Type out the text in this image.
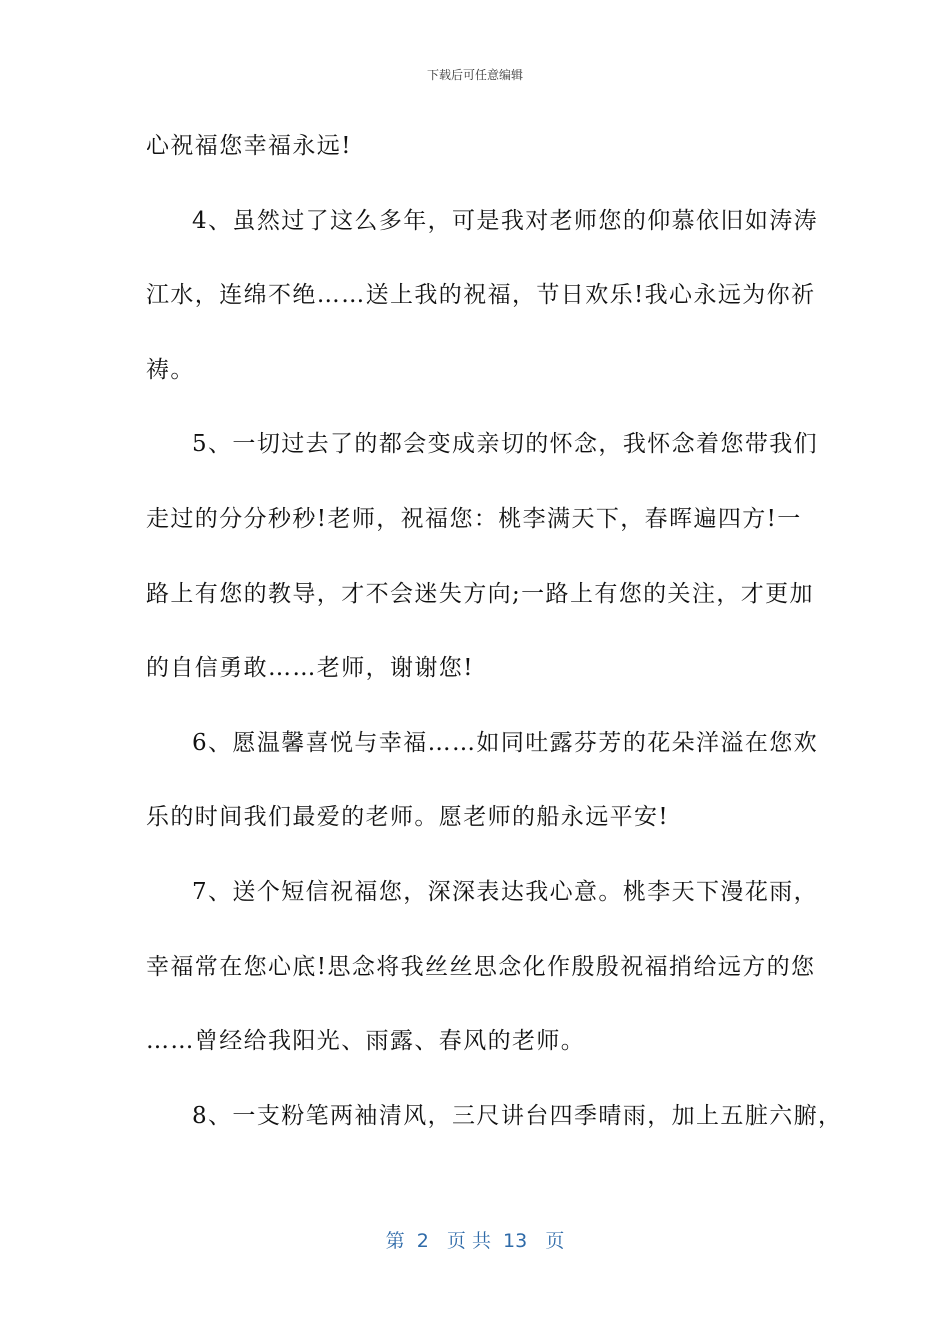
下载后可任意编辑
心祝福您幸福永远!
4、虽然过了这么多年，可是我对老师您的仰慕依旧如涛涛
江水，连绵不绝……送上我的祝福，节日欢乐!我心永远为你祈
祷。
5、一切过去了的都会变成亲切的怀念，我怀念着您带我们
走过的分分秒秒!老师，祝福您：桃李满天下，春晖遍四方!一
路上有您的教导，才不会迷失方向;一路上有您的关注，才更加
的自信勇敢……老师，谢谢您!
6、愿温馨喜悦与幸福……如同吐露芬芳的花朵洋溢在您欢
乐的时间我们最爱的老师。愿老师的船永远平安!
7、送个短信祝福您，深深表达我心意。桃李天下漫花雨，
幸福常在您心底!思念将我丝丝思念化作殷殷祝福捎给远方的您
……曾经给我阳光、雨露、春风的老师。
8、一支粉笔两袖清风，三尺讲台四季晴雨，加上五脏六腑，
第  2   页 共  13   页
